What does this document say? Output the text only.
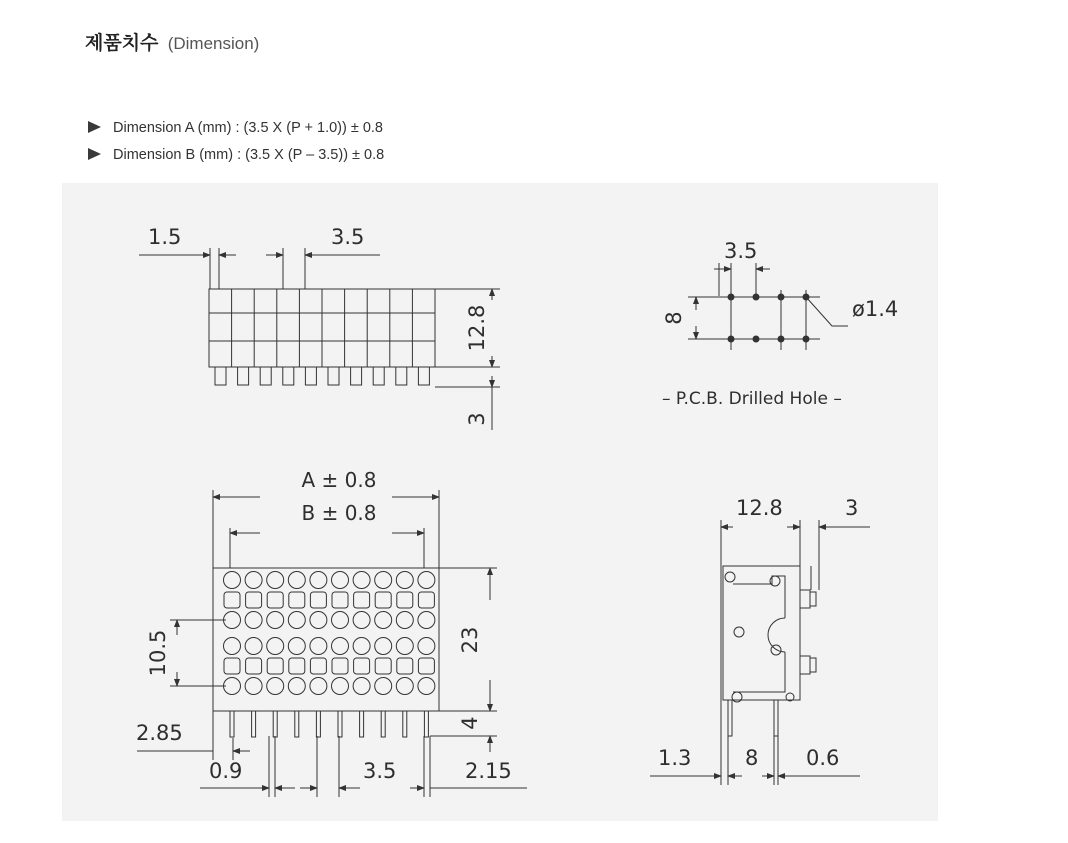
제품치수 (Dimension)
Dimension A (mm) : (3.5 X (P + 1.0)) ± 0.8
Dimension B (mm) : (3.5 X (P – 3.5)) ± 0.8
1.5	3.5
12.8
3
3.5
8	ø1.4
– P.C.B. Drilled Hole –
A ± 0.8
B ± 0.8
23
10.5
4
2.85
0.9	3.5	2.15
12.8	3
1.3	8 0.6
